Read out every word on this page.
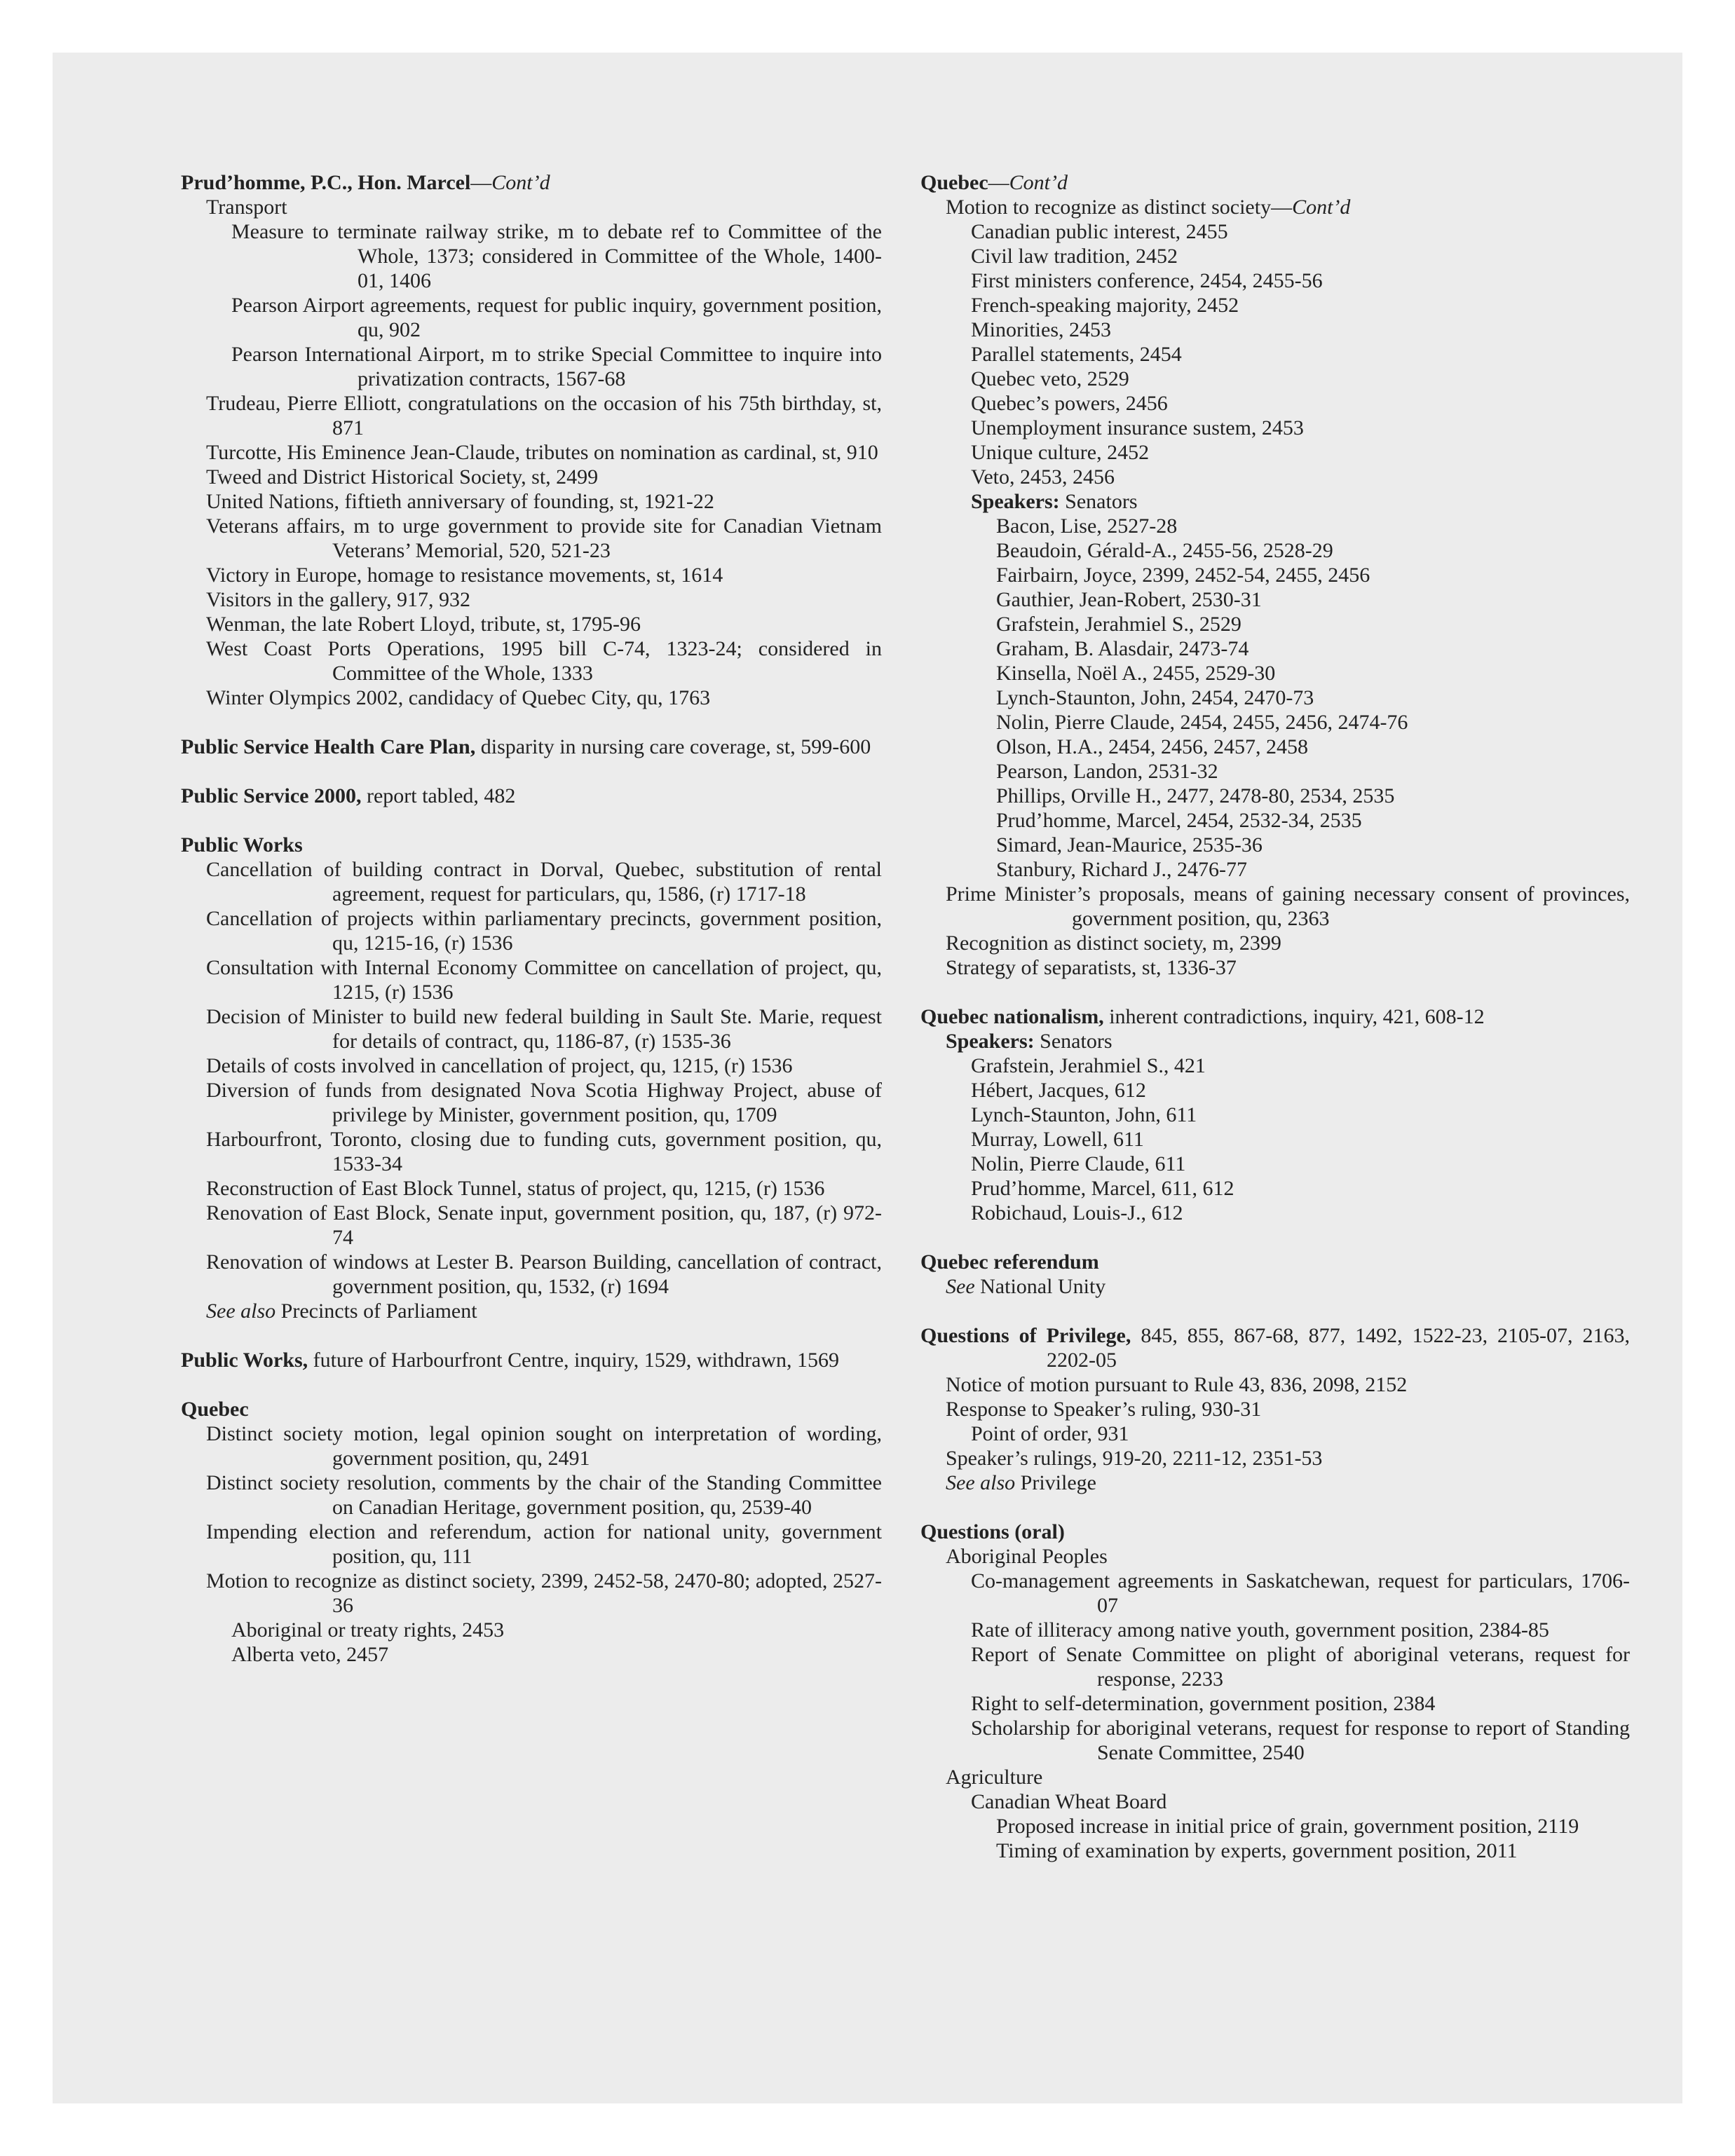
Prud’homme, P.C., Hon. Marcel—Cont’d

Transport

Measure to terminate railway strike, m to debate ref to Committee of the Whole, 1373; considered in Committee of the Whole, 1400-01, 1406

Pearson Airport agreements, request for public inquiry, government position, qu, 902

Pearson International Airport, m to strike Special Committee to inquire into privatization contracts, 1567-68

Trudeau, Pierre Elliott, congratulations on the occasion of his 75th birthday, st, 871

Turcotte, His Eminence Jean-Claude, tributes on nomination as cardinal, st, 910

Tweed and District Historical Society, st, 2499

United Nations, fiftieth anniversary of founding, st, 1921-22

Veterans affairs, m to urge government to provide site for Canadian Vietnam Veterans’ Memorial, 520, 521-23

Victory in Europe, homage to resistance movements, st, 1614

Visitors in the gallery, 917, 932

Wenman, the late Robert Lloyd, tribute, st, 1795-96

West Coast Ports Operations, 1995 bill C-74, 1323-24; considered in Committee of the Whole, 1333

Winter Olympics 2002, candidacy of Quebec City, qu, 1763

Public Service Health Care Plan, disparity in nursing care coverage, st, 599-600

Public Service 2000, report tabled, 482

Public Works

Cancellation of building contract in Dorval, Quebec, substitution of rental agreement, request for particulars, qu, 1586, (r) 1717-18

Cancellation of projects within parliamentary precincts, government position, qu, 1215-16, (r) 1536

Consultation with Internal Economy Committee on cancellation of project, qu, 1215, (r) 1536

Decision of Minister to build new federal building in Sault Ste. Marie, request for details of contract, qu, 1186-87, (r) 1535-36

Details of costs involved in cancellation of project, qu, 1215, (r) 1536

Diversion of funds from designated Nova Scotia Highway Project, abuse of privilege by Minister, government position, qu, 1709

Harbourfront, Toronto, closing due to funding cuts, government position, qu, 1533-34

Reconstruction of East Block Tunnel, status of project, qu, 1215, (r) 1536

Renovation of East Block, Senate input, government position, qu, 187, (r) 972-74

Renovation of windows at Lester B. Pearson Building, cancellation of contract, government position, qu, 1532, (r) 1694

See also Precincts of Parliament

Public Works, future of Harbourfront Centre, inquiry, 1529, withdrawn, 1569

Quebec

Distinct society motion, legal opinion sought on interpretation of wording, government position, qu, 2491

Distinct society resolution, comments by the chair of the Standing Committee on Canadian Heritage, government position, qu, 2539-40

Impending election and referendum, action for national unity, government position, qu, 111

Motion to recognize as distinct society, 2399, 2452-58, 2470-80; adopted, 2527-36

Aboriginal or treaty rights, 2453

Alberta veto, 2457

Quebec—Cont’d

Motion to recognize as distinct society—Cont’d

Canadian public interest, 2455

Civil law tradition, 2452

First ministers conference, 2454, 2455-56

French-speaking majority, 2452

Minorities, 2453

Parallel statements, 2454

Quebec veto, 2529

Quebec’s powers, 2456

Unemployment insurance sustem, 2453

Unique culture, 2452

Veto, 2453, 2456

Speakers: Senators

Bacon, Lise, 2527-28

Beaudoin, Gérald-A., 2455-56, 2528-29

Fairbairn, Joyce, 2399, 2452-54, 2455, 2456

Gauthier, Jean-Robert, 2530-31

Grafstein, Jerahmiel S., 2529

Graham, B. Alasdair, 2473-74

Kinsella, Noël A., 2455, 2529-30

Lynch-Staunton, John, 2454, 2470-73

Nolin, Pierre Claude, 2454, 2455, 2456, 2474-76

Olson, H.A., 2454, 2456, 2457, 2458

Pearson, Landon, 2531-32

Phillips, Orville H., 2477, 2478-80, 2534, 2535

Prud’homme, Marcel, 2454, 2532-34, 2535

Simard, Jean-Maurice, 2535-36

Stanbury, Richard J., 2476-77

Prime Minister’s proposals, means of gaining necessary consent of provinces, government position, qu, 2363

Recognition as distinct society, m, 2399

Strategy of separatists, st, 1336-37

Quebec nationalism, inherent contradictions, inquiry, 421, 608-12

Speakers: Senators

Grafstein, Jerahmiel S., 421

Hébert, Jacques, 612

Lynch-Staunton, John, 611

Murray, Lowell, 611

Nolin, Pierre Claude, 611

Prud’homme, Marcel, 611, 612

Robichaud, Louis-J., 612

Quebec referendum

See National Unity

Questions of Privilege, 845, 855, 867-68, 877, 1492, 1522-23, 2105-07, 2163, 2202-05

Notice of motion pursuant to Rule 43, 836, 2098, 2152

Response to Speaker’s ruling, 930-31

Point of order, 931

Speaker’s rulings, 919-20, 2211-12, 2351-53

See also Privilege

Questions (oral)

Aboriginal Peoples

Co-management agreements in Saskatchewan, request for particulars, 1706-07

Rate of illiteracy among native youth, government position, 2384-85

Report of Senate Committee on plight of aboriginal veterans, request for response, 2233

Right to self-determination, government position, 2384

Scholarship for aboriginal veterans, request for response to report of Standing Senate Committee, 2540

Agriculture

Canadian Wheat Board

Proposed increase in initial price of grain, government position, 2119

Timing of examination by experts, government position, 2011
